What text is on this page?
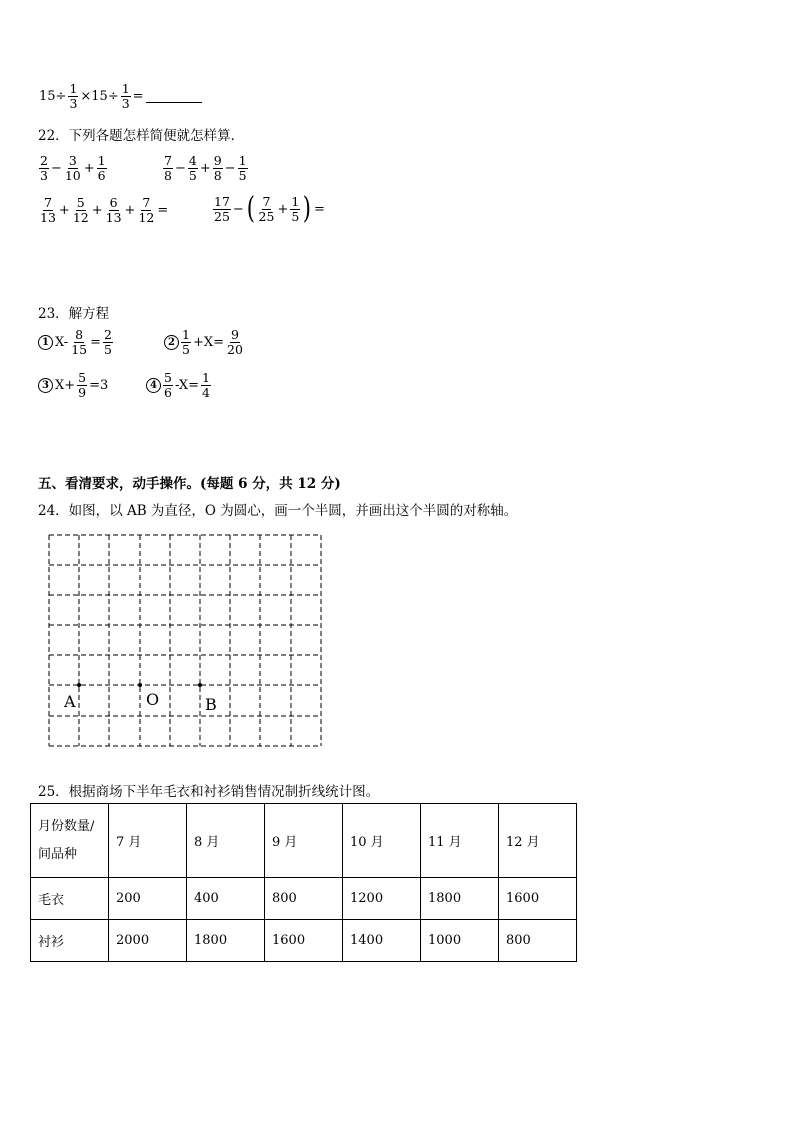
$15\div \frac{1}{3} \times 15\div \frac{1}{3}$ =
22．下列各题怎样简便就怎样算．
$\frac{2}{3} - \frac{3}{10} + \frac{1}{6}$	$\frac{7}{8} - \frac{4}{5} + \frac{9}{8} - \frac{1}{5}$
$\frac{7}{13} + \frac{5}{12} + \frac{6}{13} + \frac{7}{12}$ =	$\frac{17}{25}$ − ( $\frac{7}{25} + \frac{1}{5}$ ) =
23．解方程
1 $X- \frac{8}{15} = \frac{2}{5}$	$2 \frac{1}{5} +X= \frac{9}{20}$
3 $X+ \frac{5}{9} =3$	$4 \frac{5}{6} -X= \frac{1}{4}$
五、看清要求，动手操作。(每题 6 分，共 12 分)
24．如图，以 AB 为直径，O 为圆心，画一个半圆，并画出这个半圆的对称轴。
A	O	B
25．根据商场下半年毛衣和衬衫销售情况制折线统计图。
月份数量/
间品种	7 月	8 月	9 月	10 月	11 月	12 月
毛衣	200	400	800	1200	1800	1600
衬衫	2000	1800	1600	1400	1000	800
